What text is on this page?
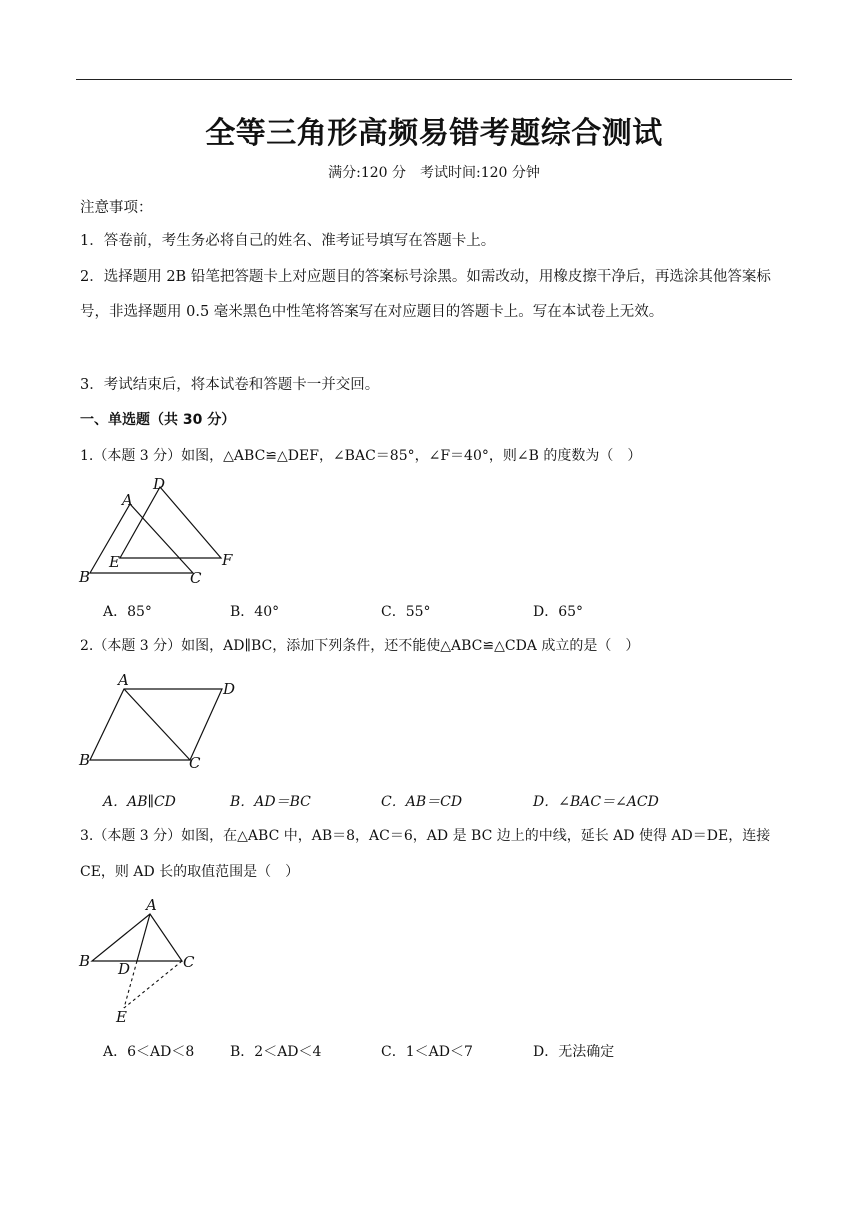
全等三角形高频易错考题综合测试
满分:120 分　考试时间:120 分钟
注意事项：
1．答卷前，考生务必将自己的姓名、准考证号填写在答题卡上。
2．选择题用 2B 铅笔把答题卡上对应题目的答案标号涂黑。如需改动，用橡皮擦干净后，再选涂其他答案标号，非选择题用 0.5 毫米黑色中性笔将答案写在对应题目的答题卡上。写在本试卷上无效。
3．考试结束后，将本试卷和答题卡一并交回。
一、单选题（共 30 分）
1.（本题 3 分）如图，△ABC≌△DEF，∠BAC＝85°，∠F＝40°，则∠B 的度数为（　）
A
B	C
D
E	F
A．85°	B．40°	C．55°	D．65°
2.（本题 3 分）如图，AD∥BC，添加下列条件，还不能使△ABC≌△CDA 成立的是（　）
A
B	C
D
A．AB∥CD	B．AD＝BC	C．AB＝CD	D．∠BAC＝∠ACD
3.（本题 3 分）如图，在△ABC 中，AB＝8，AC＝6，AD 是 BC 边上的中线，延长 AD 使得 AD＝DE，连接 CE，则 AD 长的取值范围是（　）
A
B	C
D
E
A．6＜AD＜8	B．2＜AD＜4	C．1＜AD＜7	D．无法确定
